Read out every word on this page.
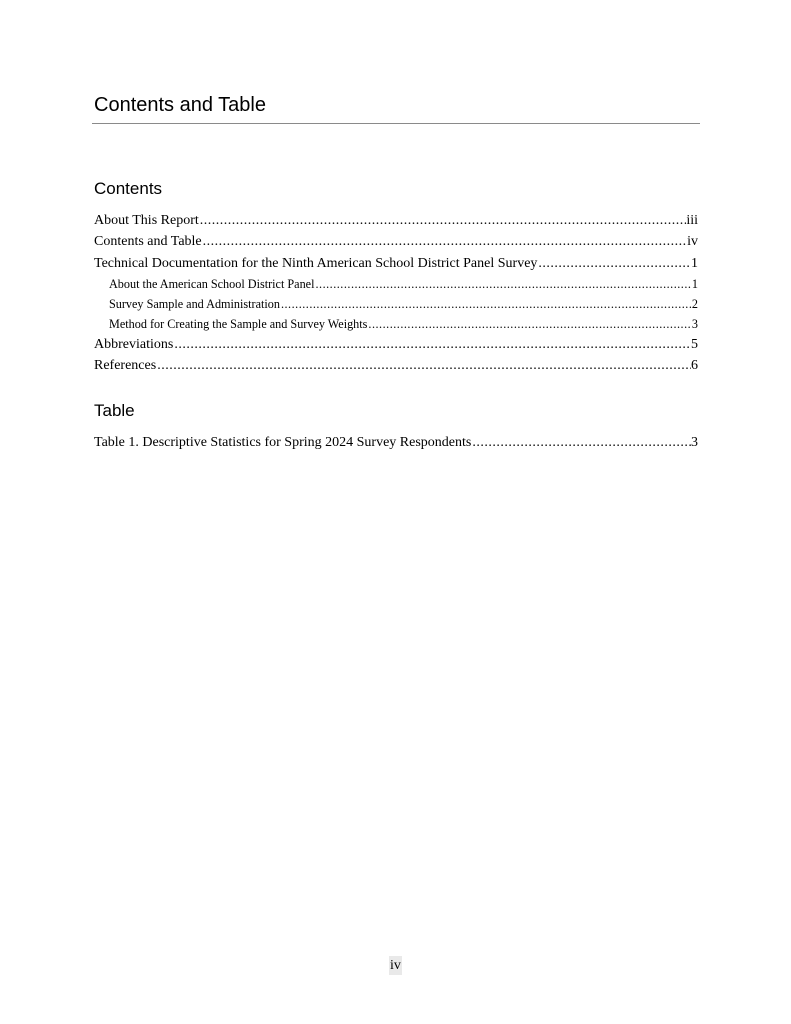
Contents and Table
Contents
About This Report .....	iii
Contents and Table .....	iv
Technical Documentation for the Ninth American School District Panel Survey .....	1
About the American School District Panel .....	1
Survey Sample and Administration .....	2
Method for Creating the Sample and Survey Weights .....	3
Abbreviations .....	5
References .....	6
Table
Table 1. Descriptive Statistics for Spring 2024 Survey Respondents .....	3
iv
